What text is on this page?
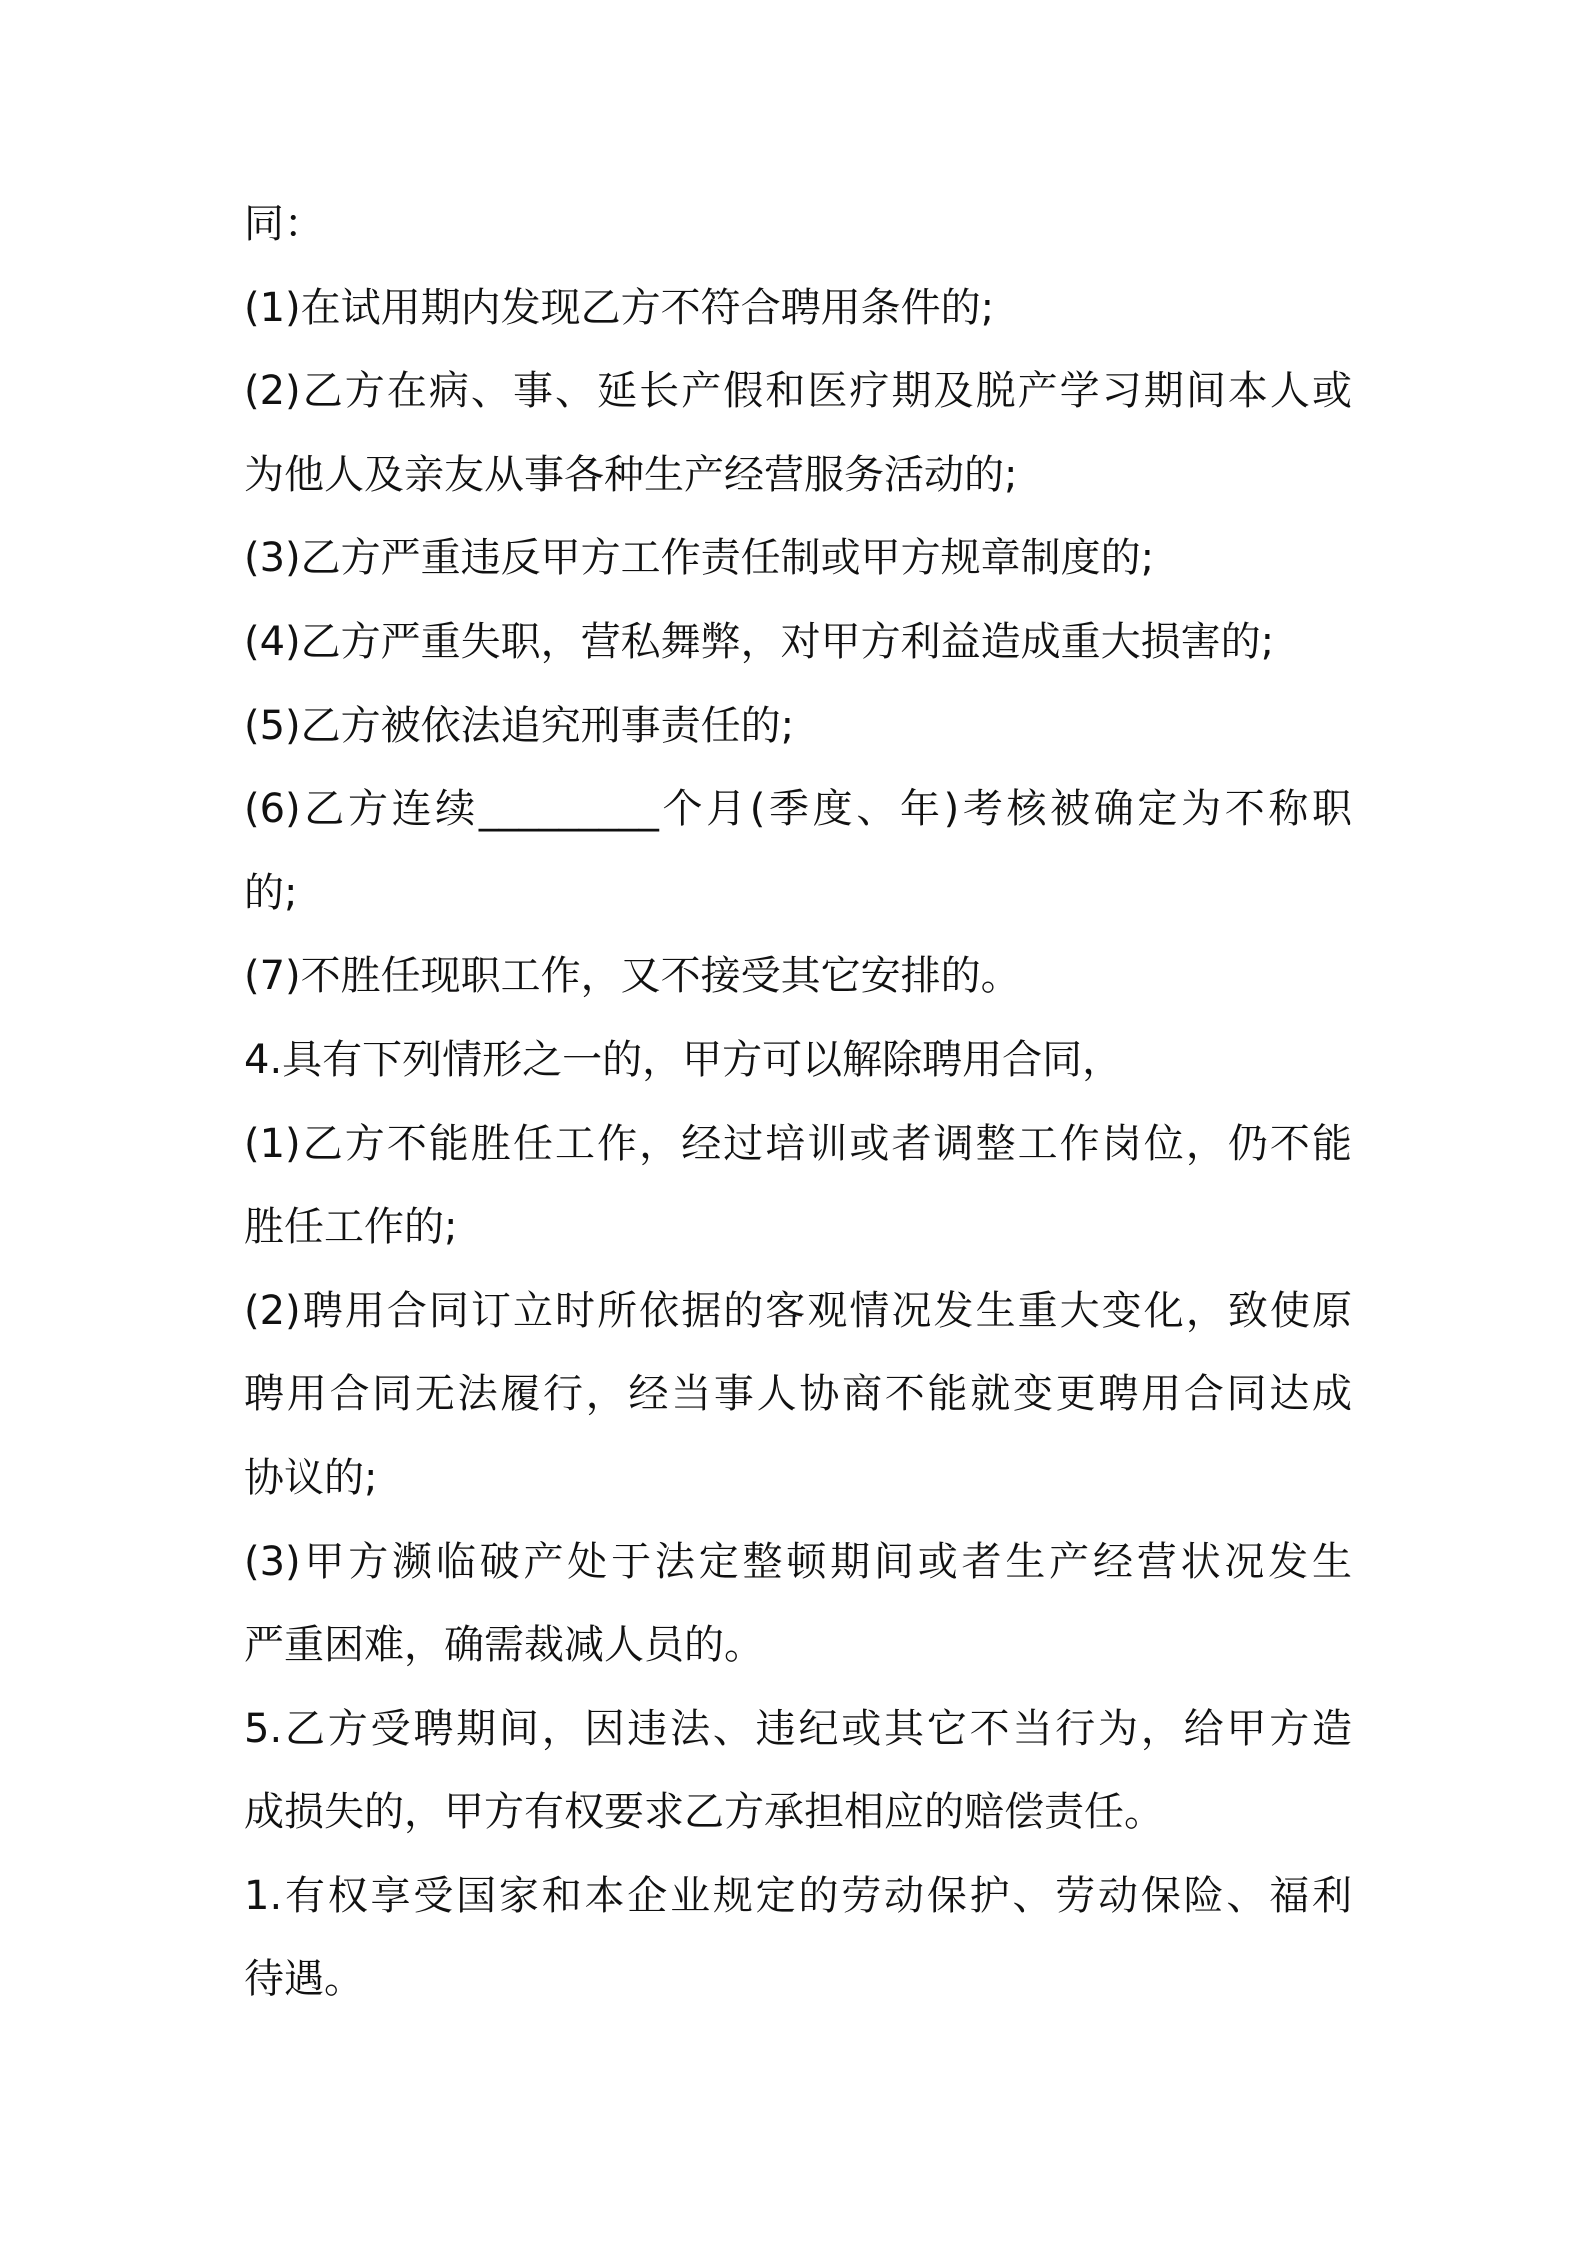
同：
(1)在试用期内发现乙方不符合聘用条件的;
(2)乙方在病、事、延长产假和医疗期及脱产学习期间本人或
为他人及亲友从事各种生产经营服务活动的;
(3)乙方严重违反甲方工作责任制或甲方规章制度的;
(4)乙方严重失职，营私舞弊，对甲方利益造成重大损害的;
(5)乙方被依法追究刑事责任的;
(6)乙方连续_________个月(季度、年)考核被确定为不称职
的;
(7)不胜任现职工作，又不接受其它安排的。
4.具有下列情形之一的，甲方可以解除聘用合同，
(1)乙方不能胜任工作，经过培训或者调整工作岗位，仍不能
胜任工作的;
(2)聘用合同订立时所依据的客观情况发生重大变化，致使原
聘用合同无法履行，经当事人协商不能就变更聘用合同达成
协议的;
(3)甲方濒临破产处于法定整顿期间或者生产经营状况发生
严重困难，确需裁减人员的。
5.乙方受聘期间，因违法、违纪或其它不当行为，给甲方造
成损失的，甲方有权要求乙方承担相应的赔偿责任。
1.有权享受国家和本企业规定的劳动保护、劳动保险、福利
待遇。
